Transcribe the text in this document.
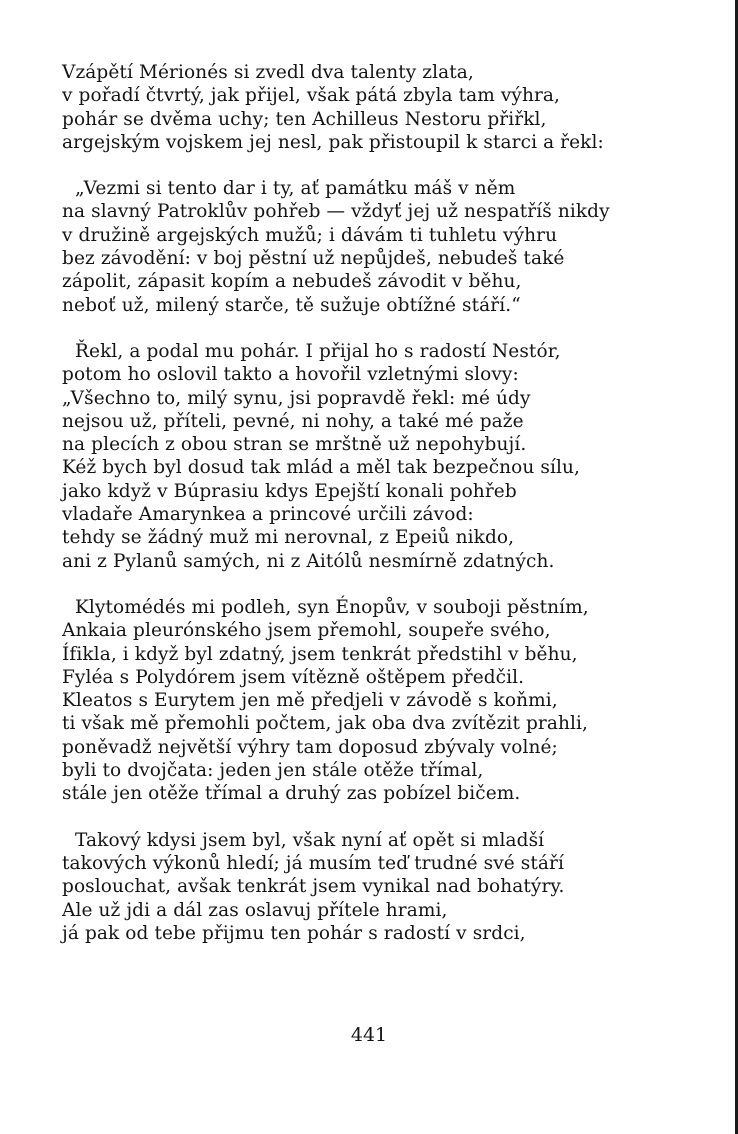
Vzápětí Mérionés si zvedl dva talenty zlata,
v pořadí čtvrtý, jak přijel, však pátá zbyla tam výhra,
pohár se dvěma uchy; ten Achilleus Nestoru přiřkl,
argejským vojskem jej nesl, pak přistoupil k starci a řekl:
„Vezmi si tento dar i ty, ať památku máš v něm
na slavný Patroklův pohřeb — vždyť jej už nespatříš nikdy
v družině argejských mužů; i dávám ti tuhletu výhru
bez závodění: v boj pěstní už nepůjdeš, nebudeš také
zápolit, zápasit kopím a nebudeš závodit v běhu,
neboť už, milený starče, tě sužuje obtížné stáří.“
Řekl, a podal mu pohár. I přijal ho s radostí Nestór,
potom ho oslovil takto a hovořil vzletnými slovy:
„Všechno to, milý synu, jsi popravdě řekl: mé údy
nejsou už, příteli, pevné, ni nohy, a také mé paže
na plecích z obou stran se mrštně už nepohybují.
Kéž bych byl dosud tak mlád a měl tak bezpečnou sílu,
jako když v Búprasiu kdys Epejští konali pohřeb
vladaře Amarynkea a princové určili závod:
tehdy se žádný muž mi nerovnal, z Epeiů nikdo,
ani z Pylanů samých, ni z Aitólů nesmírně zdatných.
Klytomédés mi podleh, syn Énopův, v souboji pěstním,
Ankaia pleurónského jsem přemohl, soupeře svého,
Ífikla, i když byl zdatný, jsem tenkrát předstihl v běhu,
Fyléa s Polydórem jsem vítězně oštěpem předčil.
Kleatos s Eurytem jen mě předjeli v závodě s koňmi,
ti však mě přemohli počtem, jak oba dva zvítězit prahli,
poněvadž největší výhry tam doposud zbývaly volné;
byli to dvojčata: jeden jen stále otěže třímal,
stále jen otěže třímal a druhý zas pobízel bičem.
Takový kdysi jsem byl, však nyní ať opět si mladší
takových výkonů hledí; já musím teď trudné své stáří
poslouchat, avšak tenkrát jsem vynikal nad bohatýry.
Ale už jdi a dál zas oslavuj přítele hrami,
já pak od tebe přijmu ten pohár s radostí v srdci,
441
